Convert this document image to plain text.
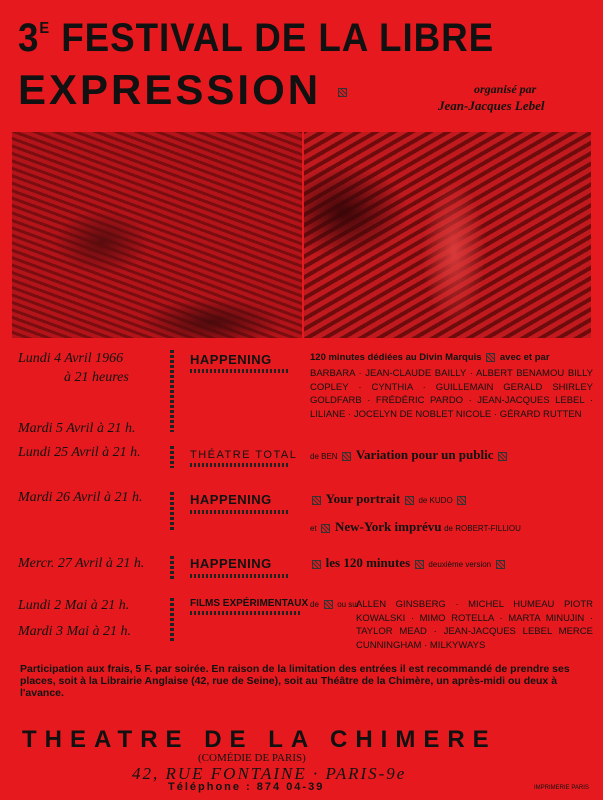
$3^E$ FESTIVAL DE LA LIBRE
EXPRESSION	organisé par
Jean-Jacques Lebel
Lundi 4 Avril 1966
à 21 heures
Mardi 5 Avril à 21 h.
Lundi 25 Avril à 21 h.
Mardi 26 Avril à 21 h.
Mercr. 27 Avril à 21 h.
Lundi 2 Mai à 21 h.
Mardi 3 Mai à 21 h.
HAPPENING
THÉATRE TOTAL
HAPPENING
HAPPENING
FILMS EXPÉRIMENTAUX
120 minutes dédiées au Divin Marquis avec et par
BARBARA · JEAN-CLAUDE BAILLY · ALBERT BENAMOU BILLY COPLEY · CYNTHIA · GUILLEMAIN GERALD SHIRLEY GOLDFARB · FRÉDÉRIC PARDO · JEAN-JACQUES LEBEL · LILIANE · JOCELYN DE NOBLET NICOLE · GÉRARD RUTTEN
de BEN Variation pour un public
Your portrait de KUDO
et New-York imprévu de ROBERT-FILLIOU
les 120 minutes deuxième version
de ou sur
ALLEN GINSBERG · MICHEL HUMEAU PIOTR KOWALSKI · MIMO ROTELLA · MARTA MINUJIN · TAYLOR MEAD · JEAN-JACQUES LEBEL MERCE CUNNINGHAM · MILKYWAYS
Participation aux frais, 5 F. par soirée. En raison de la limitation des entrées il est recommandé de prendre ses places, soit à la Librairie Anglaise (42, rue de Seine), soit au Théâtre de la Chimère, un après-midi ou deux à l'avance.
THEATRE DE LA CHIMERE
(COMÉDIE DE PARIS)
42, RUE FONTAINE · PARIS-9e
Téléphone : 874 04-39	IMPRIMERIE PARIS
